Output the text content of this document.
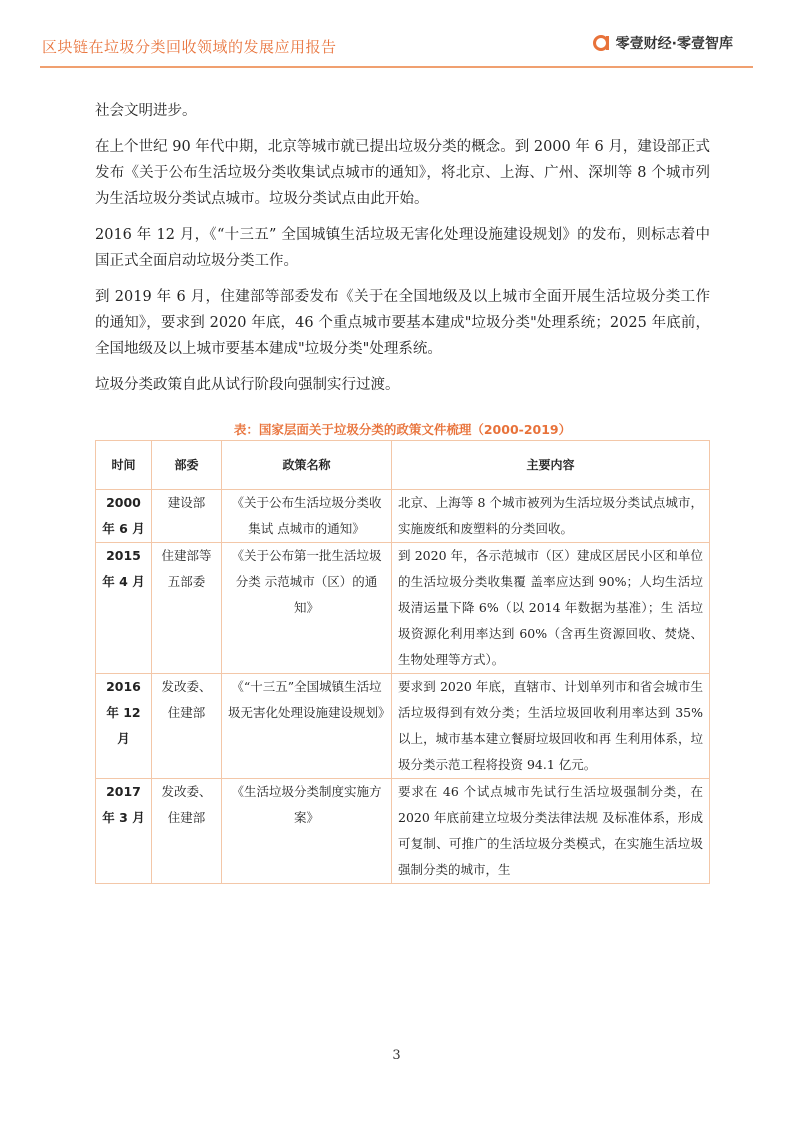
区块链在垃圾分类回收领域的发展应用报告	零壹财经·零壹智库

社会文明进步。

在上个世纪 90 年代中期，北京等城市就已提出垃圾分类的概念。到 2000 年 6 月，建设部正式发布《关于公布生活垃圾分类收集试点城市的通知》，将北京、上海、广州、深圳等 8 个城市列为生活垃圾分类试点城市。垃圾分类试点由此开始。

2016 年 12 月，《“十三五” 全国城镇生活垃圾无害化处理设施建设规划》的发布，则标志着中国正式全面启动垃圾分类工作。

到 2019 年 6 月，住建部等部委发布《关于在全国地级及以上城市全面开展生活垃圾分类工作的通知》，要求到 2020 年底，46 个重点城市要基本建成"垃圾分类"处理系统；2025 年底前，全国地级及以上城市要基本建成"垃圾分类"处理系统。

垃圾分类政策自此从试行阶段向强制实行过渡。

表：国家层面关于垃圾分类的政策文件梳理（2000-2019）
时间	部委	政策名称	主要内容
2000 年 6 月	建设部	《关于公布生活垃圾分类收集试 点城市的通知》	北京、上海等 8 个城市被列为生活垃圾分类试点城市，实施废纸和废塑料的分类回收。
2015 年 4 月	住建部等五部委	《关于公布第一批生活垃圾分类 示范城市（区）的通知》	到 2020 年，各示范城市（区）建成区居民小区和单位的生活垃圾分类收集覆 盖率应达到 90%；人均生活垃圾清运量下降 6%（以 2014 年数据为基准）；生 活垃圾资源化利用率达到 60%（含再生资源回收、焚烧、生物处理等方式）。
2016 年 12 月	发改委、住建部	《“十三五”全国城镇生活垃圾无害化处理设施建设规划》	要求到 2020 年底，直辖市、计划单列市和省会城市生活垃圾得到有效分类；生活垃圾回收利用率达到 35%以上，城市基本建立餐厨垃圾回收和再 生利用体系，垃圾分类示范工程将投资 94.1 亿元。
2017 年 3 月	发改委、住建部	《生活垃圾分类制度实施方案》	要求在 46 个试点城市先试行生活垃圾强制分类，在 2020 年底前建立垃圾分类法律法规 及标准体系，形成可复制、可推广的生活垃圾分类模式，在实施生活垃圾强制分类的城市，生
3
